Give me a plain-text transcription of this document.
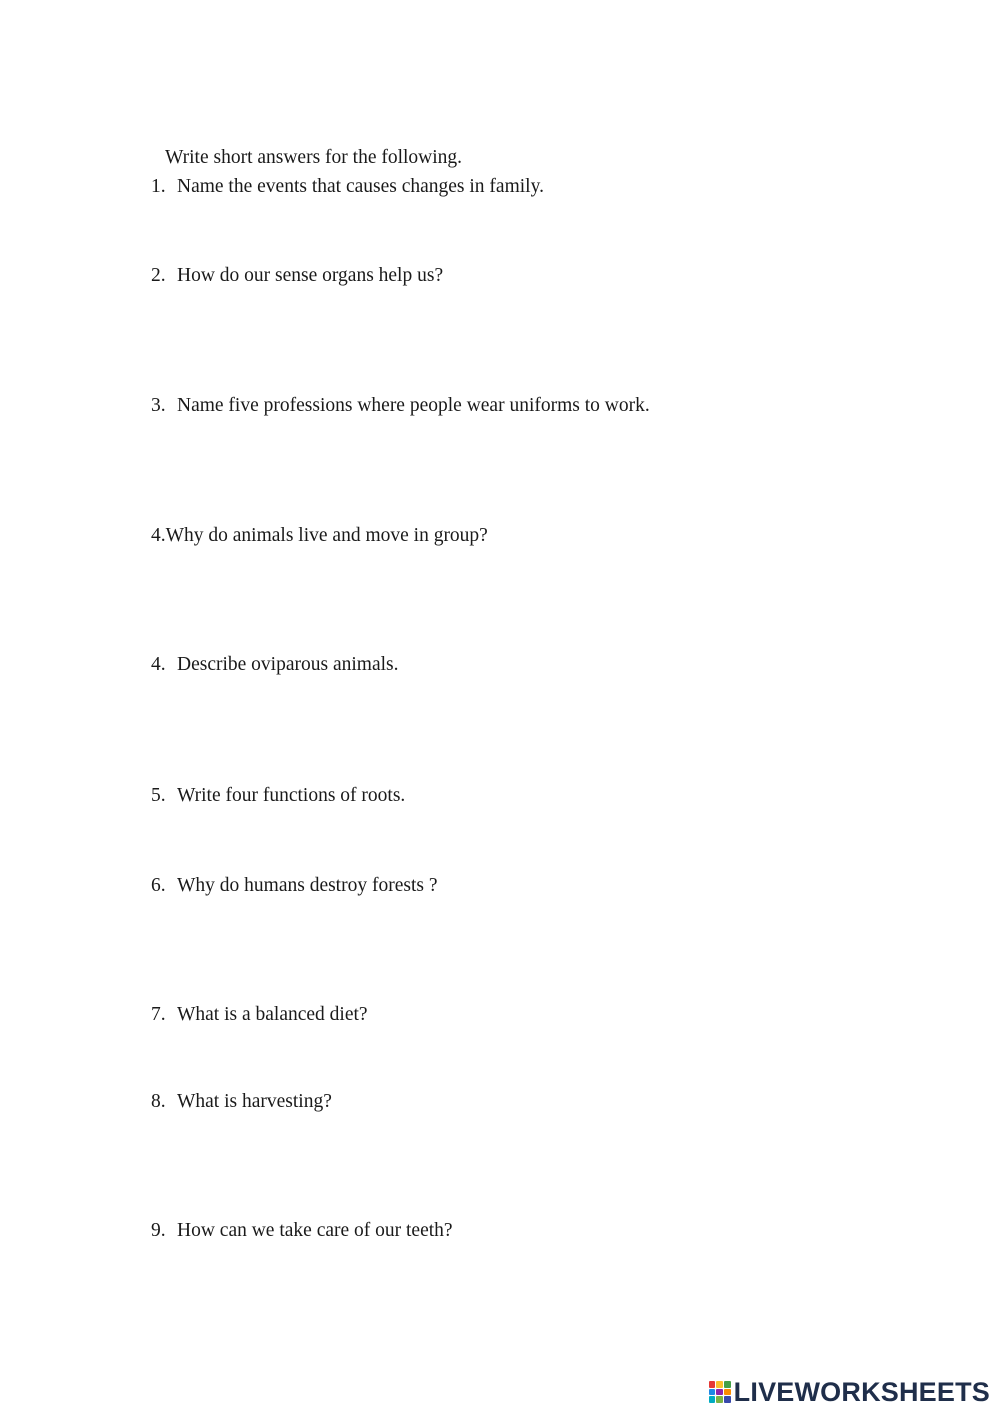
Write short answers for the following.
1. Name the events that causes changes in family.
2. How do our sense organs help us?
3. Name five professions where people wear uniforms to work.
4.Why do animals live and move in group?
4. Describe oviparous animals.
5. Write four functions of roots.
6. Why do humans destroy forests ?
7. What is a balanced diet?
8. What is harvesting?
9. How can we take care of our teeth?
LIVEWORKSHEETS
